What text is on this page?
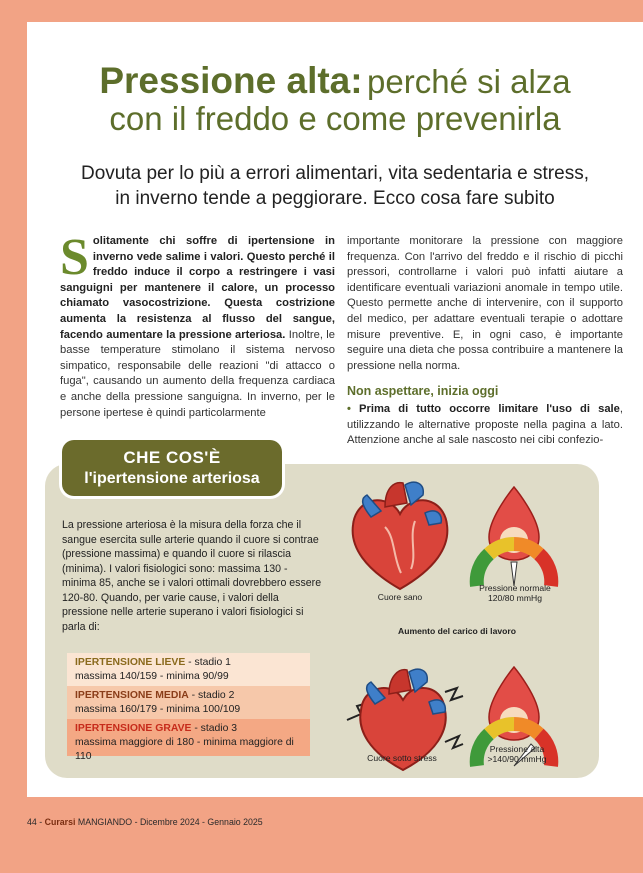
Pressione alta: perché si alza
con il freddo e come prevenirla
Dovuta per lo più a errori alimentari, vita sedentaria e stress,
in inverno tende a peggiorare. Ecco cosa fare subito
Solitamente chi soffre di ipertensione in inverno vede salime i valori. Questo perché il freddo induce il corpo a restringere i vasi sanguigni per mantenere il calore, un processo chiamato vasocostrizione. Questa costrizione aumenta la resistenza al flusso del sangue, facendo aumentare la pressione arteriosa. Inoltre, le basse temperature stimolano il sistema nervoso simpatico, responsabile delle reazioni "di attacco o fuga", causando un aumento della frequenza cardiaca e anche della pressione sanguigna. In inverno, per le persone ipertese è quindi particolarmente
importante monitorare la pressione con maggiore frequenza. Con l'arrivo del freddo e il rischio di picchi pressori, controllarne i valori può infatti aiutare a identificare eventuali variazioni anomale in tempo utile. Questo permette anche di intervenire, con il supporto del medico, per adattare eventuali terapie o adottare misure preventive. E, in ogni caso, è importante seguire una dieta che possa contribuire a mantenere la pressione nella norma.
Non aspettare, inizia oggi
• Prima di tutto occorre limitare l'uso di sale, utilizzando le alternative proposte nella pagina a lato. Attenzione anche al sale nascosto nei cibi confezio-
CHE COS'È
l'ipertensione arteriosa
La pressione arteriosa è la misura della forza che il sangue esercita sulle arterie quando il cuore si contrae (pressione massima) e quando il cuore si rilascia (minima). I valori fisiologici sono: massima 130 - minima 85, anche se i valori ottimali dovrebbero essere 120-80. Quando, per varie cause, i valori della pressione nelle arterie superano i valori fisiologici si parla di:
IPERTENSIONE LIEVE - stadio 1
massima 140/159 - minima 90/99
IPERTENSIONE MEDIA - stadio 2
massima 160/179 - minima 100/109
IPERTENSIONE GRAVE - stadio 3
massima maggiore di 180 - minima maggiore di 110
Cuore sano
Pressione normale
120/80 mmHg
Aumento del carico di lavoro
Cuore sotto stress
Pressione alta
>140/90 mmHg
44 - Curarsi MANGIANDO - Dicembre 2024 - Gennaio 2025
